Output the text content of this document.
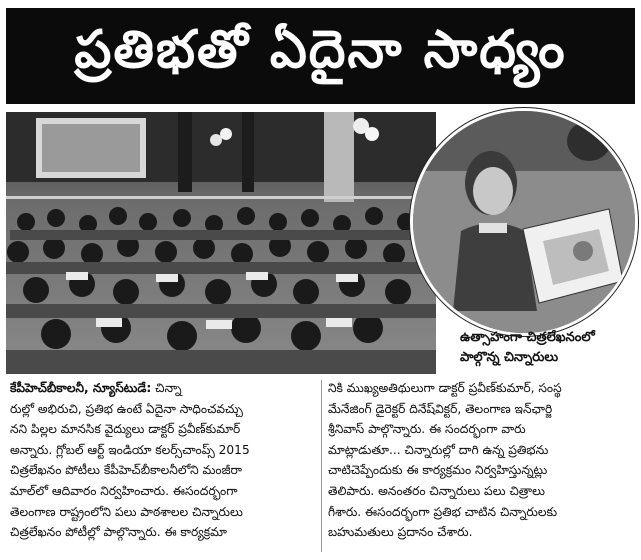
ప్రతిభతో ఏదైనా సాధ్యం
ఉత్సాహంగా చిత్రలేఖనంలో
పాల్గొన్న చిన్నారులు
కేపీహెచ్‌బీకాలనీ, న్యూస్‌టుడే: చిన్నా
రుల్లో అభిరుచి, ప్రతిభ ఉంటే ఏదైనా సాధించవచ్చు
నని పిల్లల మానసిక వైద్యులు డాక్టర్ ప్రవీణ్‌కుమార్
అన్నారు. గ్లోబల్ ఆర్ట్ ఇండియా కలర్స్‌చాంప్స్ 2015
చిత్రలేఖనం పోటీలు కేపీహెచ్‌బీకాలనీలోని మంజీరా
మాల్‌లో ఆదివారం నిర్వహించారు. ఈసందర్భంగా
తెలంగాణ రాష్ట్రంలోని పలు పాఠశాలల చిన్నారులు
చిత్రలేఖనం పోటీల్లో పాల్గొన్నారు. ఈ కార్యక్రమా
నికి ముఖ్యఅతిథులుగా డాక్టర్ ప్రవీణ్‌కుమార్, సంస్థ
మేనేజింగ్ డైరెక్టర్ దినేష్‌విక్టర్, తెలంగాణ ఇన్‌ఛార్జి
శ్రీనివాస్ పాల్గొన్నారు. ఈ సందర్భంగా వారు
మాట్లాడుతూ... చిన్నారుల్లో దాగి ఉన్న ప్రతిభను
చాటిచెప్పేందుకు ఈ కార్యక్రమం నిర్వహిస్తున్నట్లు
తెలిపారు. అనంతరం చిన్నారులు పలు చిత్రాలు
గీశారు. ఈసందర్భంగా ప్రతిభ చాటిన చిన్నారులకు
బహుమతులు ప్రదానం చేశారు.
